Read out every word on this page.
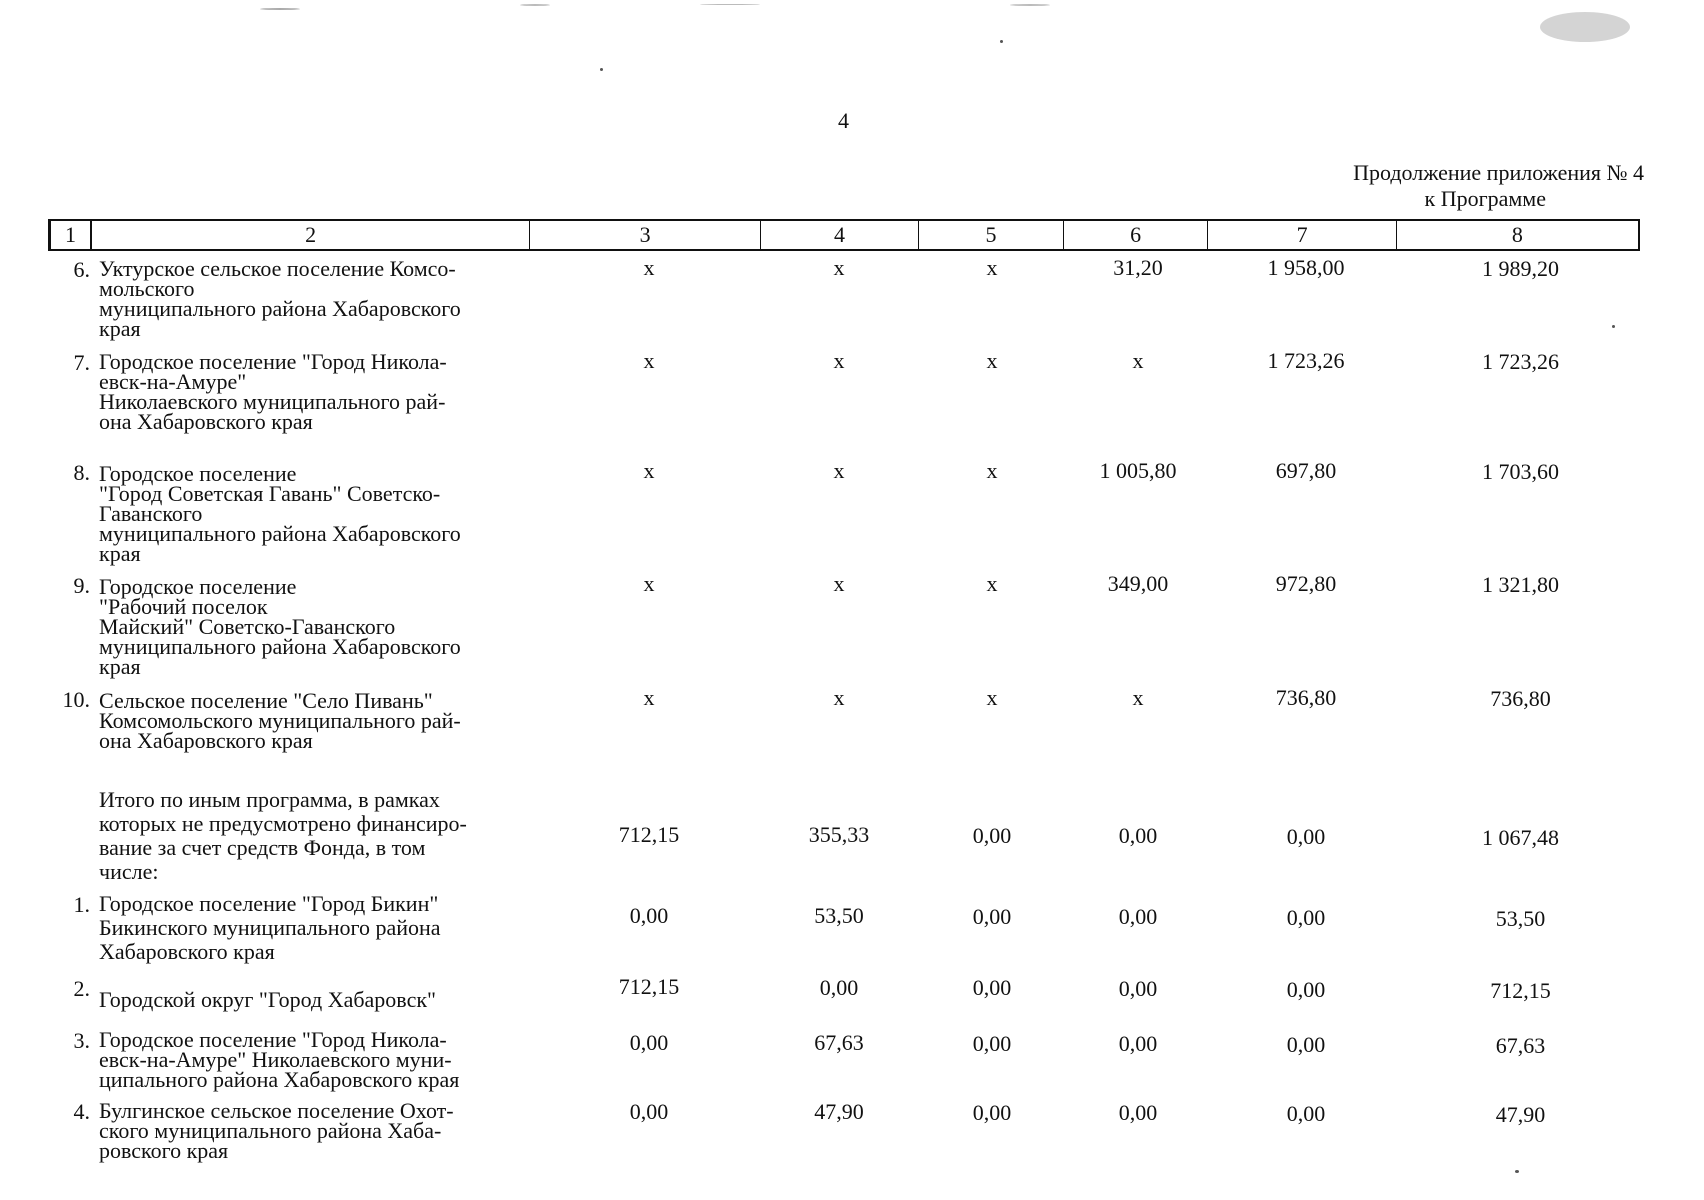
4
Продолжение приложения № 4
к Программе
1	2	3	4	5	6	7	8
6. Уктурское сельское поселение Комсо-
мольского
муниципального района Хабаровского
края
x	x	x	31,20	1 958,00	1 989,20
7. Городское поселение "Город Никола-
евск-на-Амуре"
Николаевского муниципального рай-
она Хабаровского края
x	x	x	x	1 723,26	1 723,26
8. Городское поселение
"Город Советская Гавань" Советско-
Гаванского
муниципального района Хабаровского
края
x	x	x	1 005,80	697,80	1 703,60
9. Городское поселение
"Рабочий поселок
Майский" Советско-Гаванского
муниципального района Хабаровского
края
x	x	x	349,00	972,80	1 321,80
10. Сельское поселение "Село Пивань"
Комсомольского муниципального рай-
она Хабаровского края
x	x	x	x	736,80	736,80
Итого по иным программа, в рамках
которых не предусмотрено финансиро-
вание за счет средств Фонда, в том
числе:
712,15	355,33	0,00	0,00	0,00	1 067,48
1. Городское поселение "Город Бикин"
Бикинского муниципального района
Хабаровского края
0,00	53,50	0,00	0,00	0,00	53,50
2. Городской округ "Город Хабаровск"
712,15	0,00	0,00	0,00	0,00	712,15
3. Городское поселение "Город Никола-
евск-на-Амуре" Николаевского муни-
ципального района Хабаровского края
0,00	67,63	0,00	0,00	0,00	67,63
4. Булгинское сельское поселение Охот-
ского муниципального района Хаба-
ровского края
0,00	47,90	0,00	0,00	0,00	47,90
